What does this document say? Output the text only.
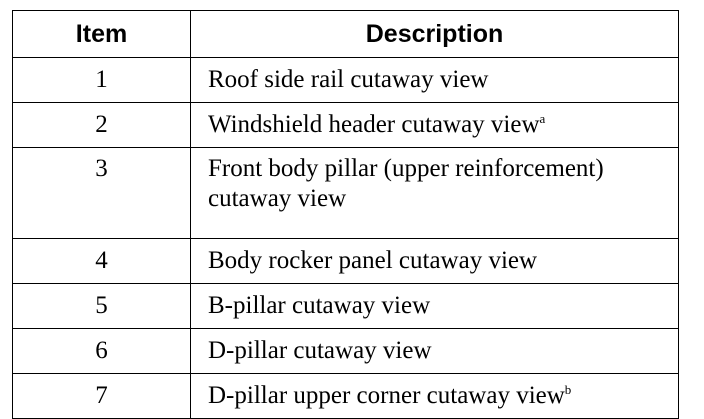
Item	Description
1	Roof side rail cutaway view
2	Windshield header cutaway view$^a$
3	Front body pillar (upper reinforcement) cutaway view
4	Body rocker panel cutaway view
5	B-pillar cutaway view
6	D-pillar cutaway view
7	D-pillar upper corner cutaway view$^b$
